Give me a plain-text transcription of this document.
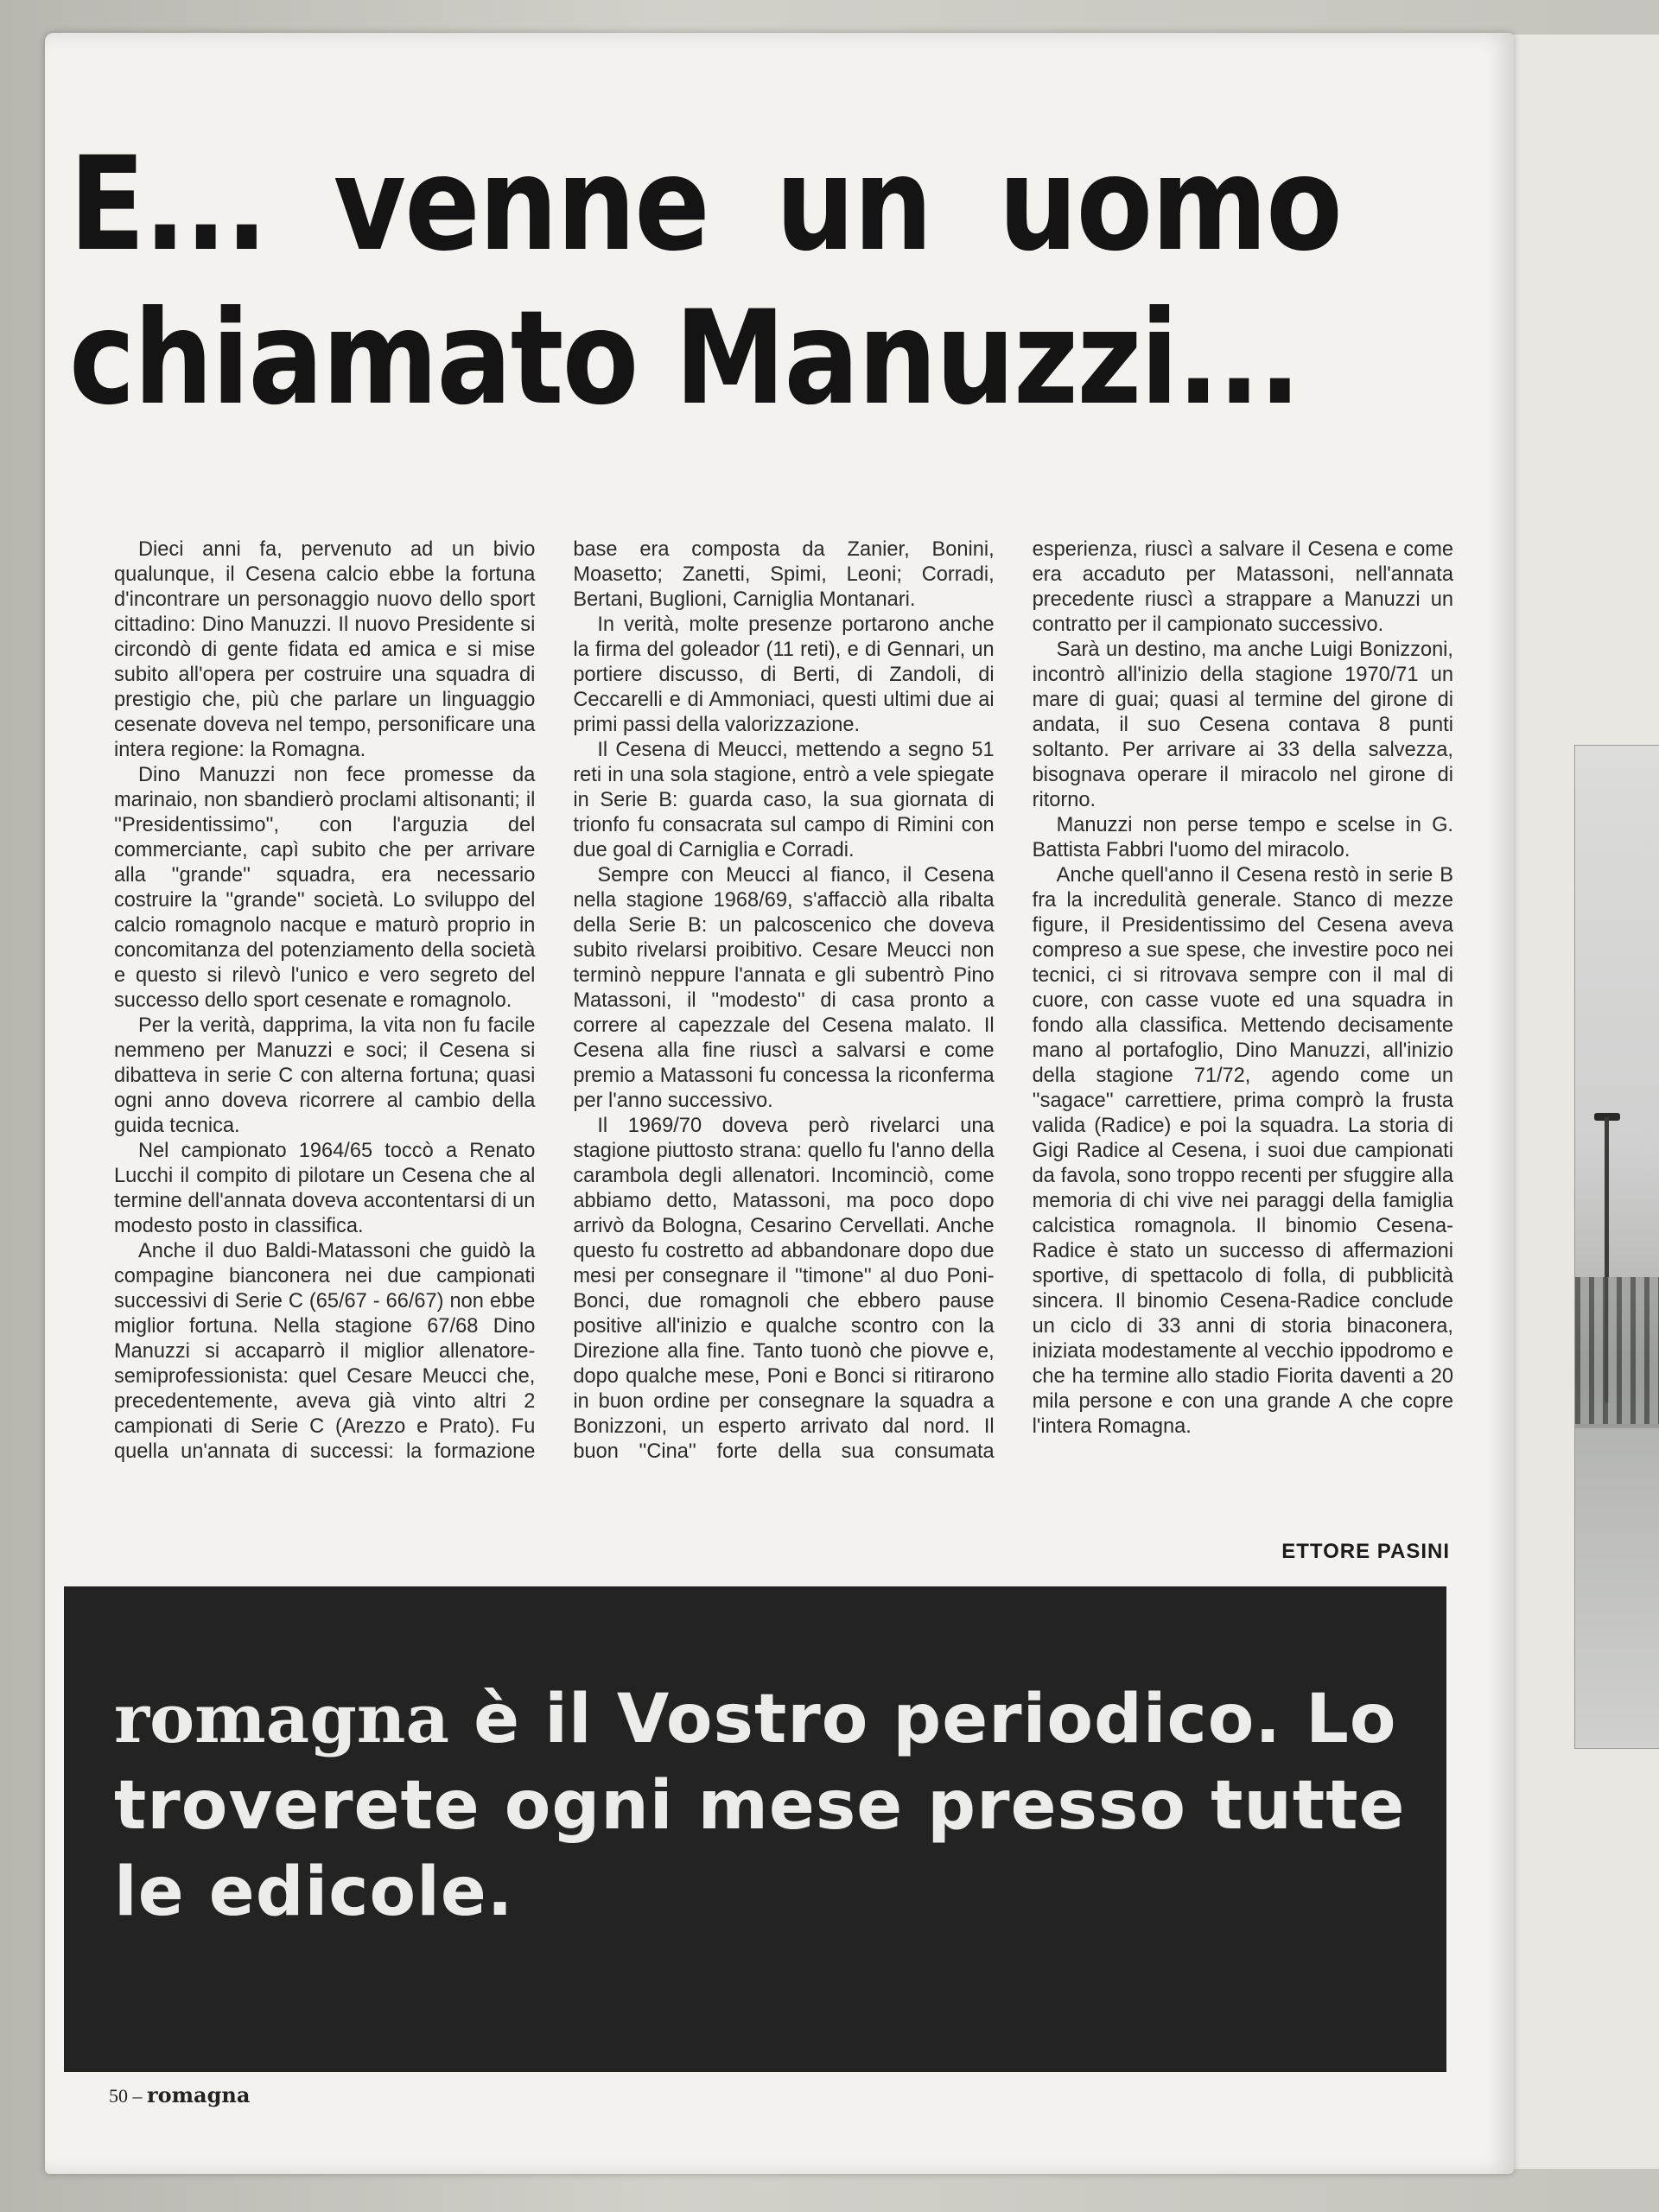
E... venne un uomo
chiamato Manuzzi...

Dieci anni fa, pervenuto ad un bivio qualunque, il Cesena calcio ebbe la fortuna d'incontrare un personaggio nuovo dello sport cittadino: Dino Manuzzi. Il nuovo Presidente si circondò di gente fidata ed amica e si mise subito all'opera per costruire una squadra di prestigio che, più che parlare un linguaggio cesenate doveva nel tempo, personificare una intera regione: la Romagna.

Dino Manuzzi non fece promesse da marinaio, non sbandierò proclami altisonanti; il ''Presidentissimo'', con l'arguzia del commerciante, capì subito che per arrivare alla ''grande'' squadra, era necessario costruire la ''grande'' società. Lo sviluppo del calcio romagnolo nacque e maturò proprio in concomitanza del potenziamento della società e questo si rilevò l'unico e vero segreto del successo dello sport cesenate e romagnolo.

Per la verità, dapprima, la vita non fu facile nemmeno per Manuzzi e soci; il Cesena si dibatteva in serie C con alterna fortuna; quasi ogni anno doveva ricorrere al cambio della guida tecnica.

Nel campionato 1964/65 toccò a Renato Lucchi il compito di pilotare un Cesena che al termine dell'annata doveva accontentarsi di un modesto posto in classifica.

Anche il duo Baldi-Matassoni che guidò la compagine bianconera nei due campionati successivi di Serie C (65/67 - 66/67) non ebbe miglior fortuna. Nella stagione 67/68 Dino Manuzzi si accaparrò il miglior allenatore-semiprofessionista: quel Cesare Meucci che, precedentemente, aveva già vinto altri 2 campionati di Serie C (Arezzo e Prato). Fu quella un'annata di successi: la formazione base era composta da Zanier, Bonini, Moasetto; Zanetti, Spimi, Leoni; Corradi, Bertani, Buglioni, Carniglia Montanari.

In verità, molte presenze portarono anche la firma del goleador (11 reti), e di Gennari, un portiere discusso, di Berti, di Zandoli, di Ceccarelli e di Ammoniaci, questi ultimi due ai primi passi della valorizzazione.

Il Cesena di Meucci, mettendo a segno 51 reti in una sola stagione, entrò a vele spiegate in Serie B: guarda caso, la sua giornata di trionfo fu consacrata sul campo di Rimini con due goal di Carniglia e Corradi.

Sempre con Meucci al fianco, il Cesena nella stagione 1968/69, s'affacciò alla ribalta della Serie B: un palcoscenico che doveva subito rivelarsi proibitivo. Cesare Meucci non terminò neppure l'annata e gli subentrò Pino Matassoni, il ''modesto'' di casa pronto a correre al capezzale del Cesena malato. Il Cesena alla fine riuscì a salvarsi e come premio a Matassoni fu concessa la riconferma per l'anno successivo.

Il 1969/70 doveva però rivelarci una stagione piuttosto strana: quello fu l'anno della carambola degli allenatori. Incominciò, come abbiamo detto, Matassoni, ma poco dopo arrivò da Bologna, Cesarino Cervellati. Anche questo fu costretto ad abbandonare dopo due mesi per consegnare il ''timone'' al duo Poni-Bonci, due romagnoli che ebbero pause positive all'inizio e qualche scontro con la Direzione alla fine. Tanto tuonò che piovve e, dopo qualche mese, Poni e Bonci si ritirarono in buon ordine per consegnare la squadra a Bonizzoni, un esperto arrivato dal nord. Il buon ''Cina'' forte della sua consumata esperienza, riuscì a salvare il Cesena e come era accaduto per Matassoni, nell'annata precedente riuscì a strappare a Manuzzi un contratto per il campionato successivo.

Sarà un destino, ma anche Luigi Bonizzoni, incontrò all'inizio della stagione 1970/71 un mare di guai; quasi al termine del girone di andata, il suo Cesena contava 8 punti soltanto. Per arrivare ai 33 della salvezza, bisognava operare il miracolo nel girone di ritorno.

Manuzzi non perse tempo e scelse in G. Battista Fabbri l'uomo del miracolo.

Anche quell'anno il Cesena restò in serie B fra la incredulità generale. Stanco di mezze figure, il Presidentissimo del Cesena aveva compreso a sue spese, che investire poco nei tecnici, ci si ritrovava sempre con il mal di cuore, con casse vuote ed una squadra in fondo alla classifica. Mettendo decisamente mano al portafoglio, Dino Manuzzi, all'inizio della stagione 71/72, agendo come un ''sagace'' carrettiere, prima comprò la frusta valida (Radice) e poi la squadra. La storia di Gigi Radice al Cesena, i suoi due campionati da favola, sono troppo recenti per sfuggire alla memoria di chi vive nei paraggi della famiglia calcistica romagnola. Il binomio Cesena-Radice è stato un successo di affermazioni sportive, di spettacolo di folla, di pubblicità sincera. Il binomio Cesena-Radice conclude un ciclo di 33 anni di storia binaconera, iniziata modestamente al vecchio ippodromo e che ha termine allo stadio Fiorita daventi a 20 mila persone e con una grande A che copre l'intera Romagna.

ETTORE PASINI

romagna è il Vostro periodico. Lo troverete ogni mese presso tutte le edicole.

50 – romagna
